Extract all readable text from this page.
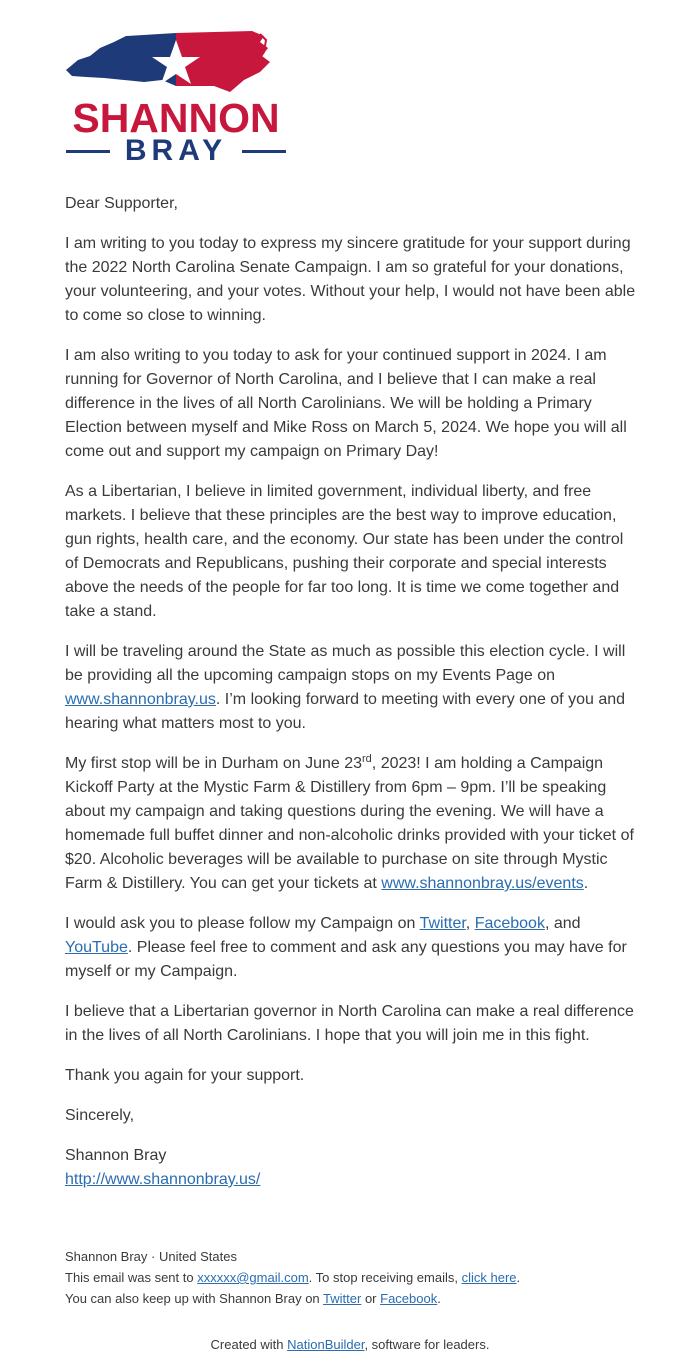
SHANNON
BRAY

Dear Supporter,

I am writing to you today to express my sincere gratitude for your support during the 2022 North Carolina Senate Campaign. I am so grateful for your donations, your volunteering, and your votes. Without your help, I would not have been able to come so close to winning.

I am also writing to you today to ask for your continued support in 2024. I am running for Governor of North Carolina, and I believe that I can make a real difference in the lives of all North Carolinians. We will be holding a Primary Election between myself and Mike Ross on March 5, 2024. We hope you will all come out and support my campaign on Primary Day!

As a Libertarian, I believe in limited government, individual liberty, and free markets. I believe that these principles are the best way to improve education, gun rights, health care, and the economy. Our state has been under the control of Democrats and Republicans, pushing their corporate and special interests above the needs of the people for far too long. It is time we come together and take a stand.

I will be traveling around the State as much as possible this election cycle. I will be providing all the upcoming campaign stops on my Events Page on www.shannonbray.us. I’m looking forward to meeting with every one of you and hearing what matters most to you.

My first stop will be in Durham on June 23rd, 2023! I am holding a Campaign Kickoff Party at the Mystic Farm & Distillery from 6pm – 9pm. I’ll be speaking about my campaign and taking questions during the evening. We will have a homemade full buffet dinner and non-alcoholic drinks provided with your ticket of $20. Alcoholic beverages will be available to purchase on site through Mystic Farm & Distillery. You can get your tickets at www.shannonbray.us/events.

I would ask you to please follow my Campaign on Twitter, Facebook, and YouTube. Please feel free to comment and ask any questions you may have for myself or my Campaign.

I believe that a Libertarian governor in North Carolina can make a real difference in the lives of all North Carolinians. I hope that you will join me in this fight.

Thank you again for your support.

Sincerely,

Shannon Bray
http://www.shannonbray.us/

Shannon Bray · United States
This email was sent to xxxxxx@gmail.com. To stop receiving emails, click here.
You can also keep up with Shannon Bray on Twitter or Facebook.
Created with NationBuilder, software for leaders.
